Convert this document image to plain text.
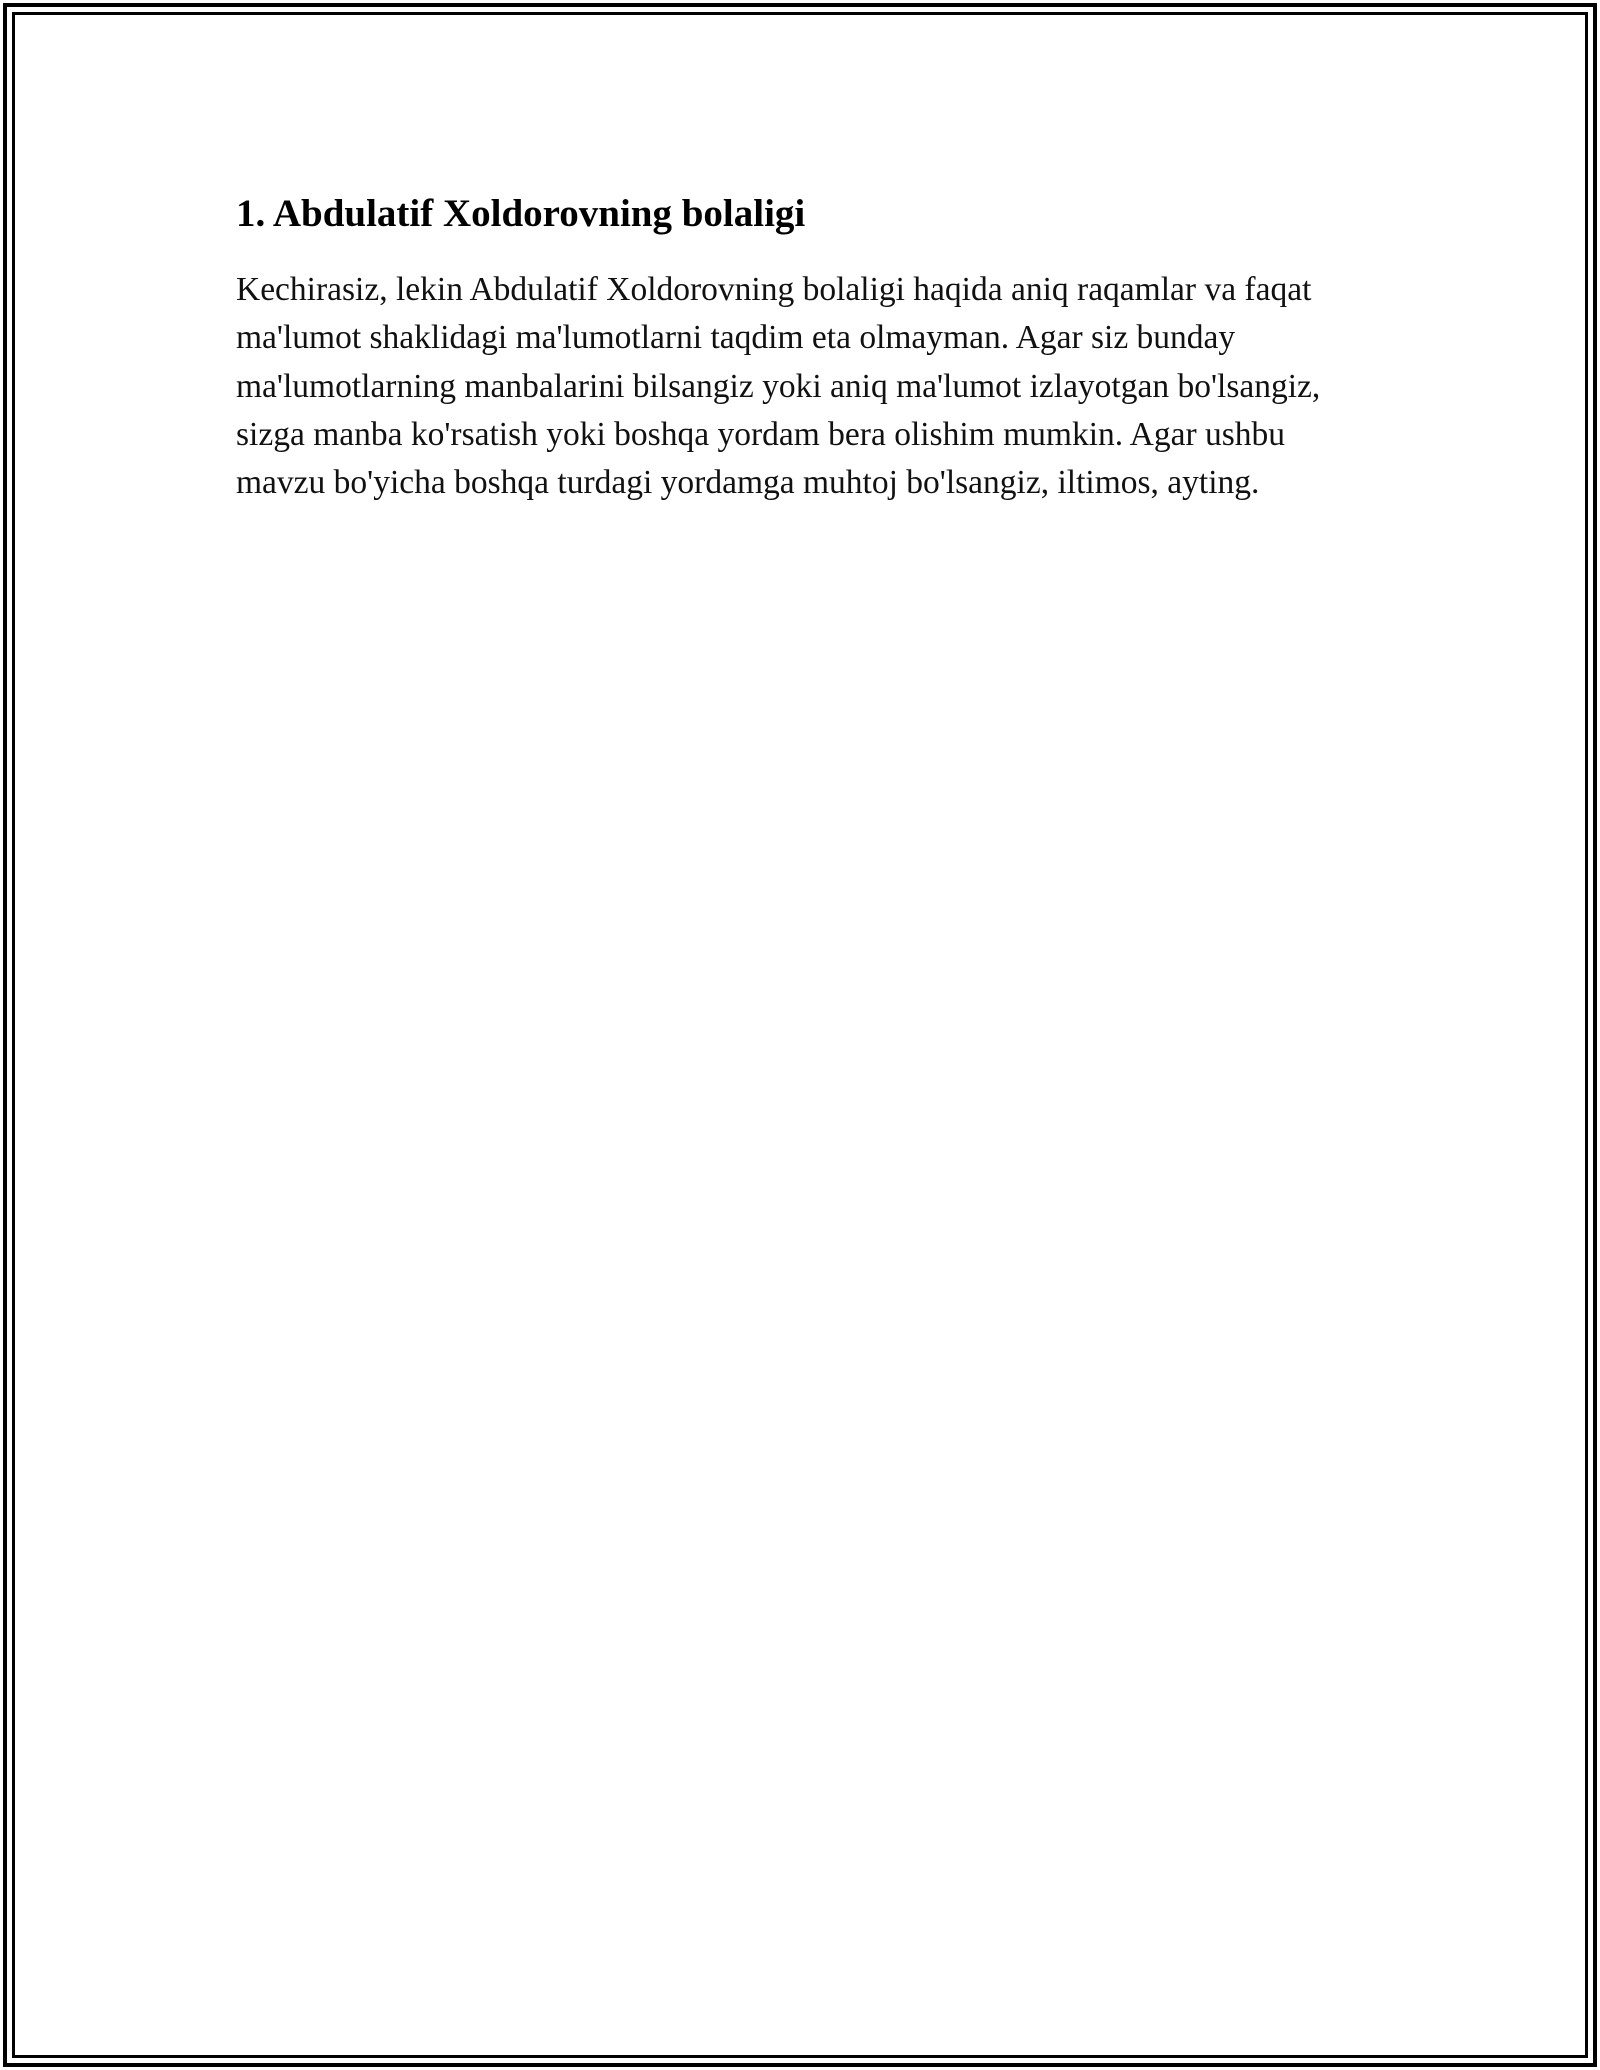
1. Abdulatif Xoldorovning bolaligi

Kechirasiz, lekin Abdulatif Xoldorovning bolaligi haqida aniq raqamlar va faqat ma'lumot shaklidagi ma'lumotlarni taqdim eta olmayman. Agar siz bunday ma'lumotlarning manbalarini bilsangiz yoki aniq ma'lumot izlayotgan bo'lsangiz, sizga manba ko'rsatish yoki boshqa yordam bera olishim mumkin. Agar ushbu mavzu bo'yicha boshqa turdagi yordamga muhtoj bo'lsangiz, iltimos, ayting.
